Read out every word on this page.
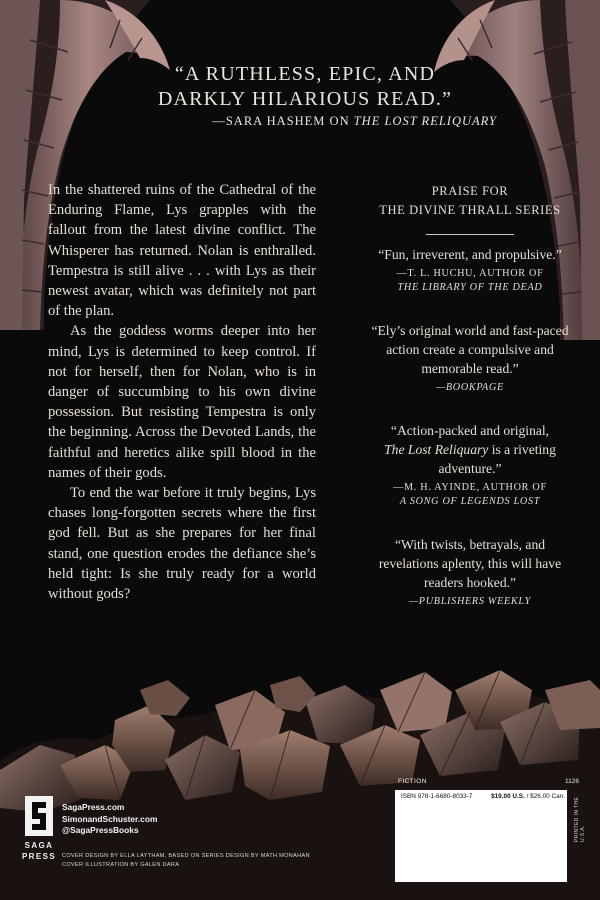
“A RUTHLESS, EPIC, AND
DARKLY HILARIOUS READ.”
—SARA HASHEM ON THE LOST RELIQUARY

In the shattered ruins of the Cathedral of the Enduring Flame, Lys grapples with the fallout from the latest divine conflict. The Whisperer has returned. Nolan is enthralled. Tempestra is still alive . . . with Lys as their newest avatar, which was definitely not part of the plan.

As the goddess worms deeper into her mind, Lys is determined to keep control. If not for herself, then for Nolan, who is in danger of succumbing to his own divine possession. But resisting Tempestra is only the beginning. Across the Devoted Lands, the faithful and heretics alike spill blood in the names of their gods.

To end the war before it truly begins, Lys chases long-forgotten secrets where the first god fell. But as she prepares for her final stand, one question erodes the defiance she’s held tight: Is she truly ready for a world without gods?

PRAISE FOR
THE DIVINE THRALL SERIES
“Fun, irreverent, and propulsive.”
—T. L. HUCHU, AUTHOR OF
THE LIBRARY OF THE DEAD
“Ely’s original world and fast-paced action create a compulsive and memorable read.”
—BOOKPAGE
“Action-packed and original,
The Lost Reliquary is a riveting adventure.”
—M. H. AYINDE, AUTHOR OF
A SONG OF LEGENDS LOST
“With twists, betrayals, and revelations aplenty, this will have readers hooked.”
—PUBLISHERS WEEKLY
SAGA
PRESS
SagaPress.com
SimonandSchuster.com
@SagaPressBooks
COVER DESIGN BY ELLA LAYTHAM, BASED ON SERIES DESIGN BY MATH MONAHAN
COVER ILLUSTRATION BY GALEN DARA
FICTION	1126
ISBN 978-1-6680-8033-7	$19.00 U.S. / $26.00 Can.
PRINTED IN THE U.S.A.
